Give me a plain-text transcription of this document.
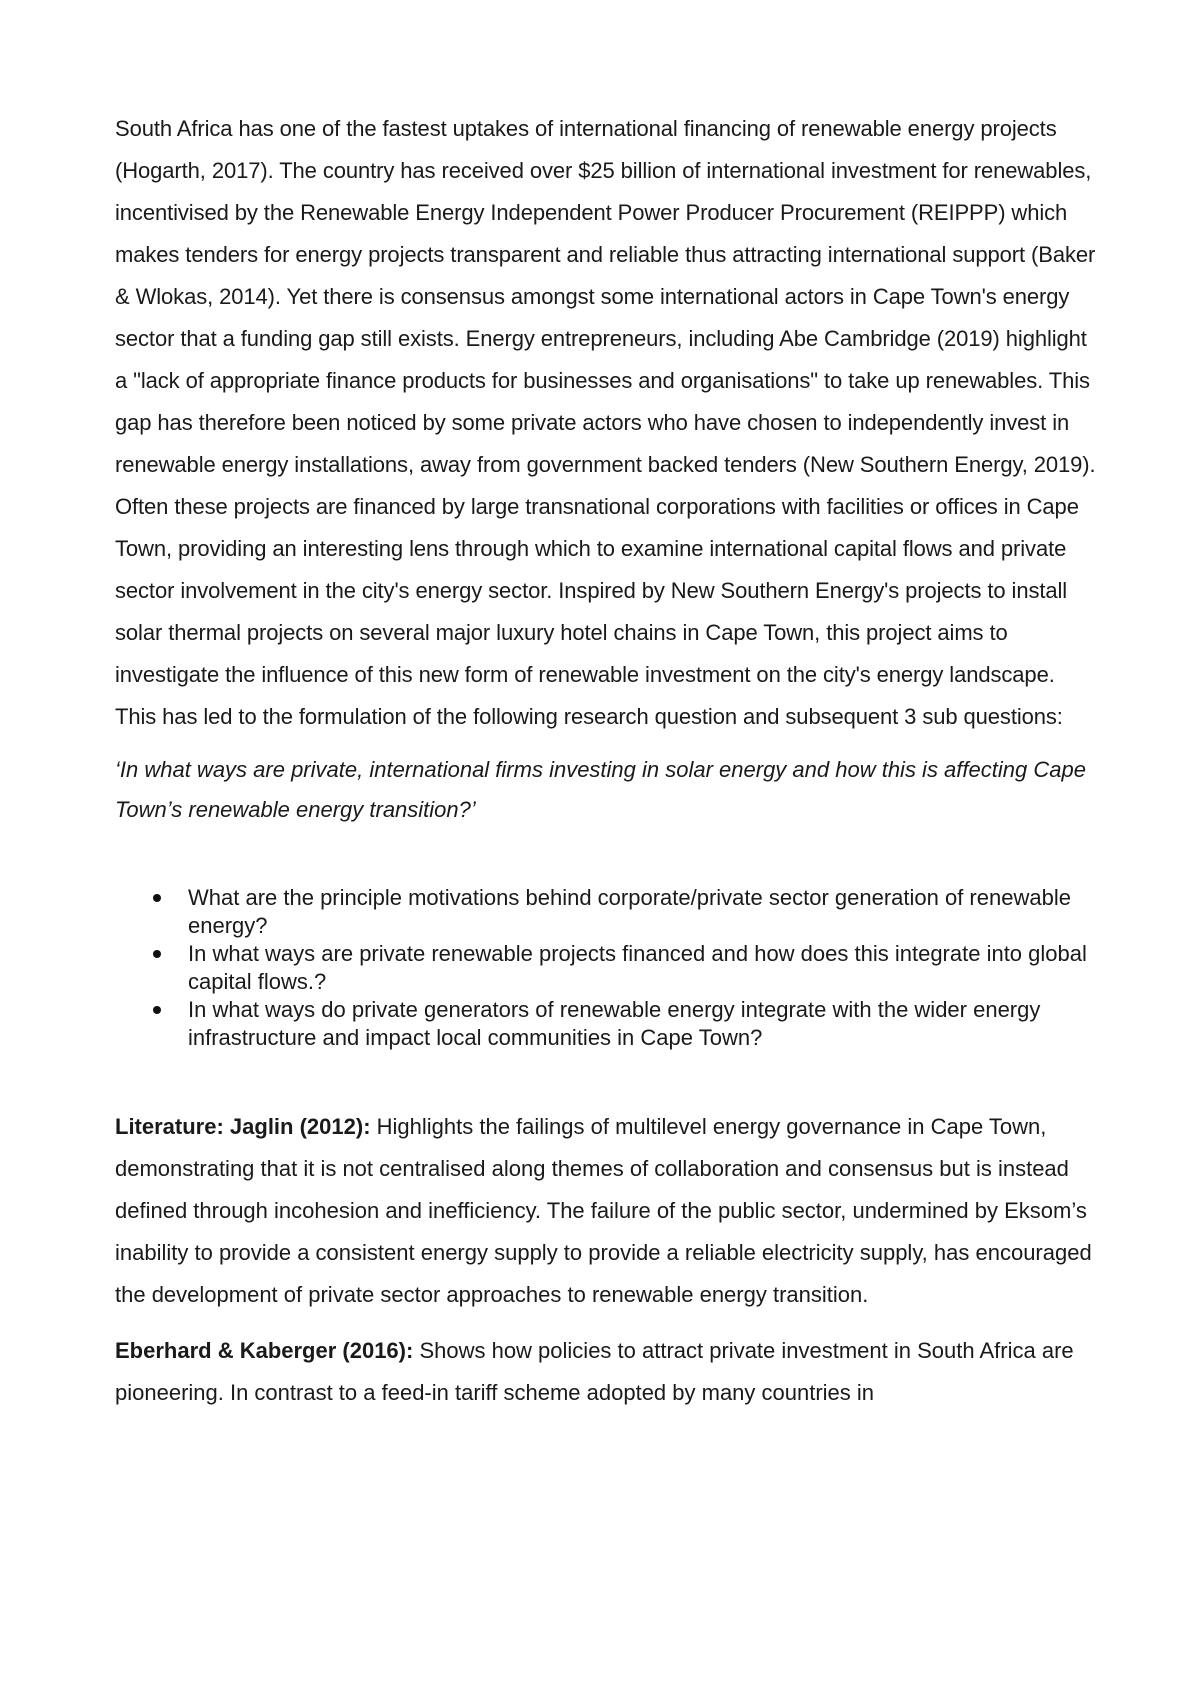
South Africa has one of the fastest uptakes of international financing of renewable energy projects (Hogarth, 2017). The country has received over $25 billion of international investment for renewables, incentivised by the Renewable Energy Independent Power Producer Procurement (REIPPP) which makes tenders for energy projects transparent and reliable thus attracting international support (Baker & Wlokas, 2014). Yet there is consensus amongst some international actors in Cape Town's energy sector that a funding gap still exists. Energy entrepreneurs, including Abe Cambridge (2019) highlight a "lack of appropriate finance products for businesses and organisations" to take up renewables. This gap has therefore been noticed by some private actors who have chosen to independently invest in renewable energy installations, away from government backed tenders (New Southern Energy, 2019). Often these projects are financed by large transnational corporations with facilities or offices in Cape Town, providing an interesting lens through which to examine international capital flows and private sector involvement in the city's energy sector. Inspired by New Southern Energy's projects to install solar thermal projects on several major luxury hotel chains in Cape Town, this project aims to investigate the influence of this new form of renewable investment on the city's energy landscape. This has led to the formulation of the following research question and subsequent 3 sub questions:

‘In what ways are private, international firms investing in solar energy and how this is affecting Cape Town’s renewable energy transition?’

What are the principle motivations behind corporate/private sector generation of renewable energy?
In what ways are private renewable projects financed and how does this integrate into global capital flows.?
In what ways do private generators of renewable energy integrate with the wider energy infrastructure and impact local communities in Cape Town?

Literature: Jaglin (2012): Highlights the failings of multilevel energy governance in Cape Town, demonstrating that it is not centralised along themes of collaboration and consensus but is instead defined through incohesion and inefficiency. The failure of the public sector, undermined by Eksom’s inability to provide a consistent energy supply to provide a reliable electricity supply, has encouraged the development of private sector approaches to renewable energy transition.

Eberhard & Kaberger (2016): Shows how policies to attract private investment in South Africa are pioneering. In contrast to a feed-in tariff scheme adopted by many countries in
